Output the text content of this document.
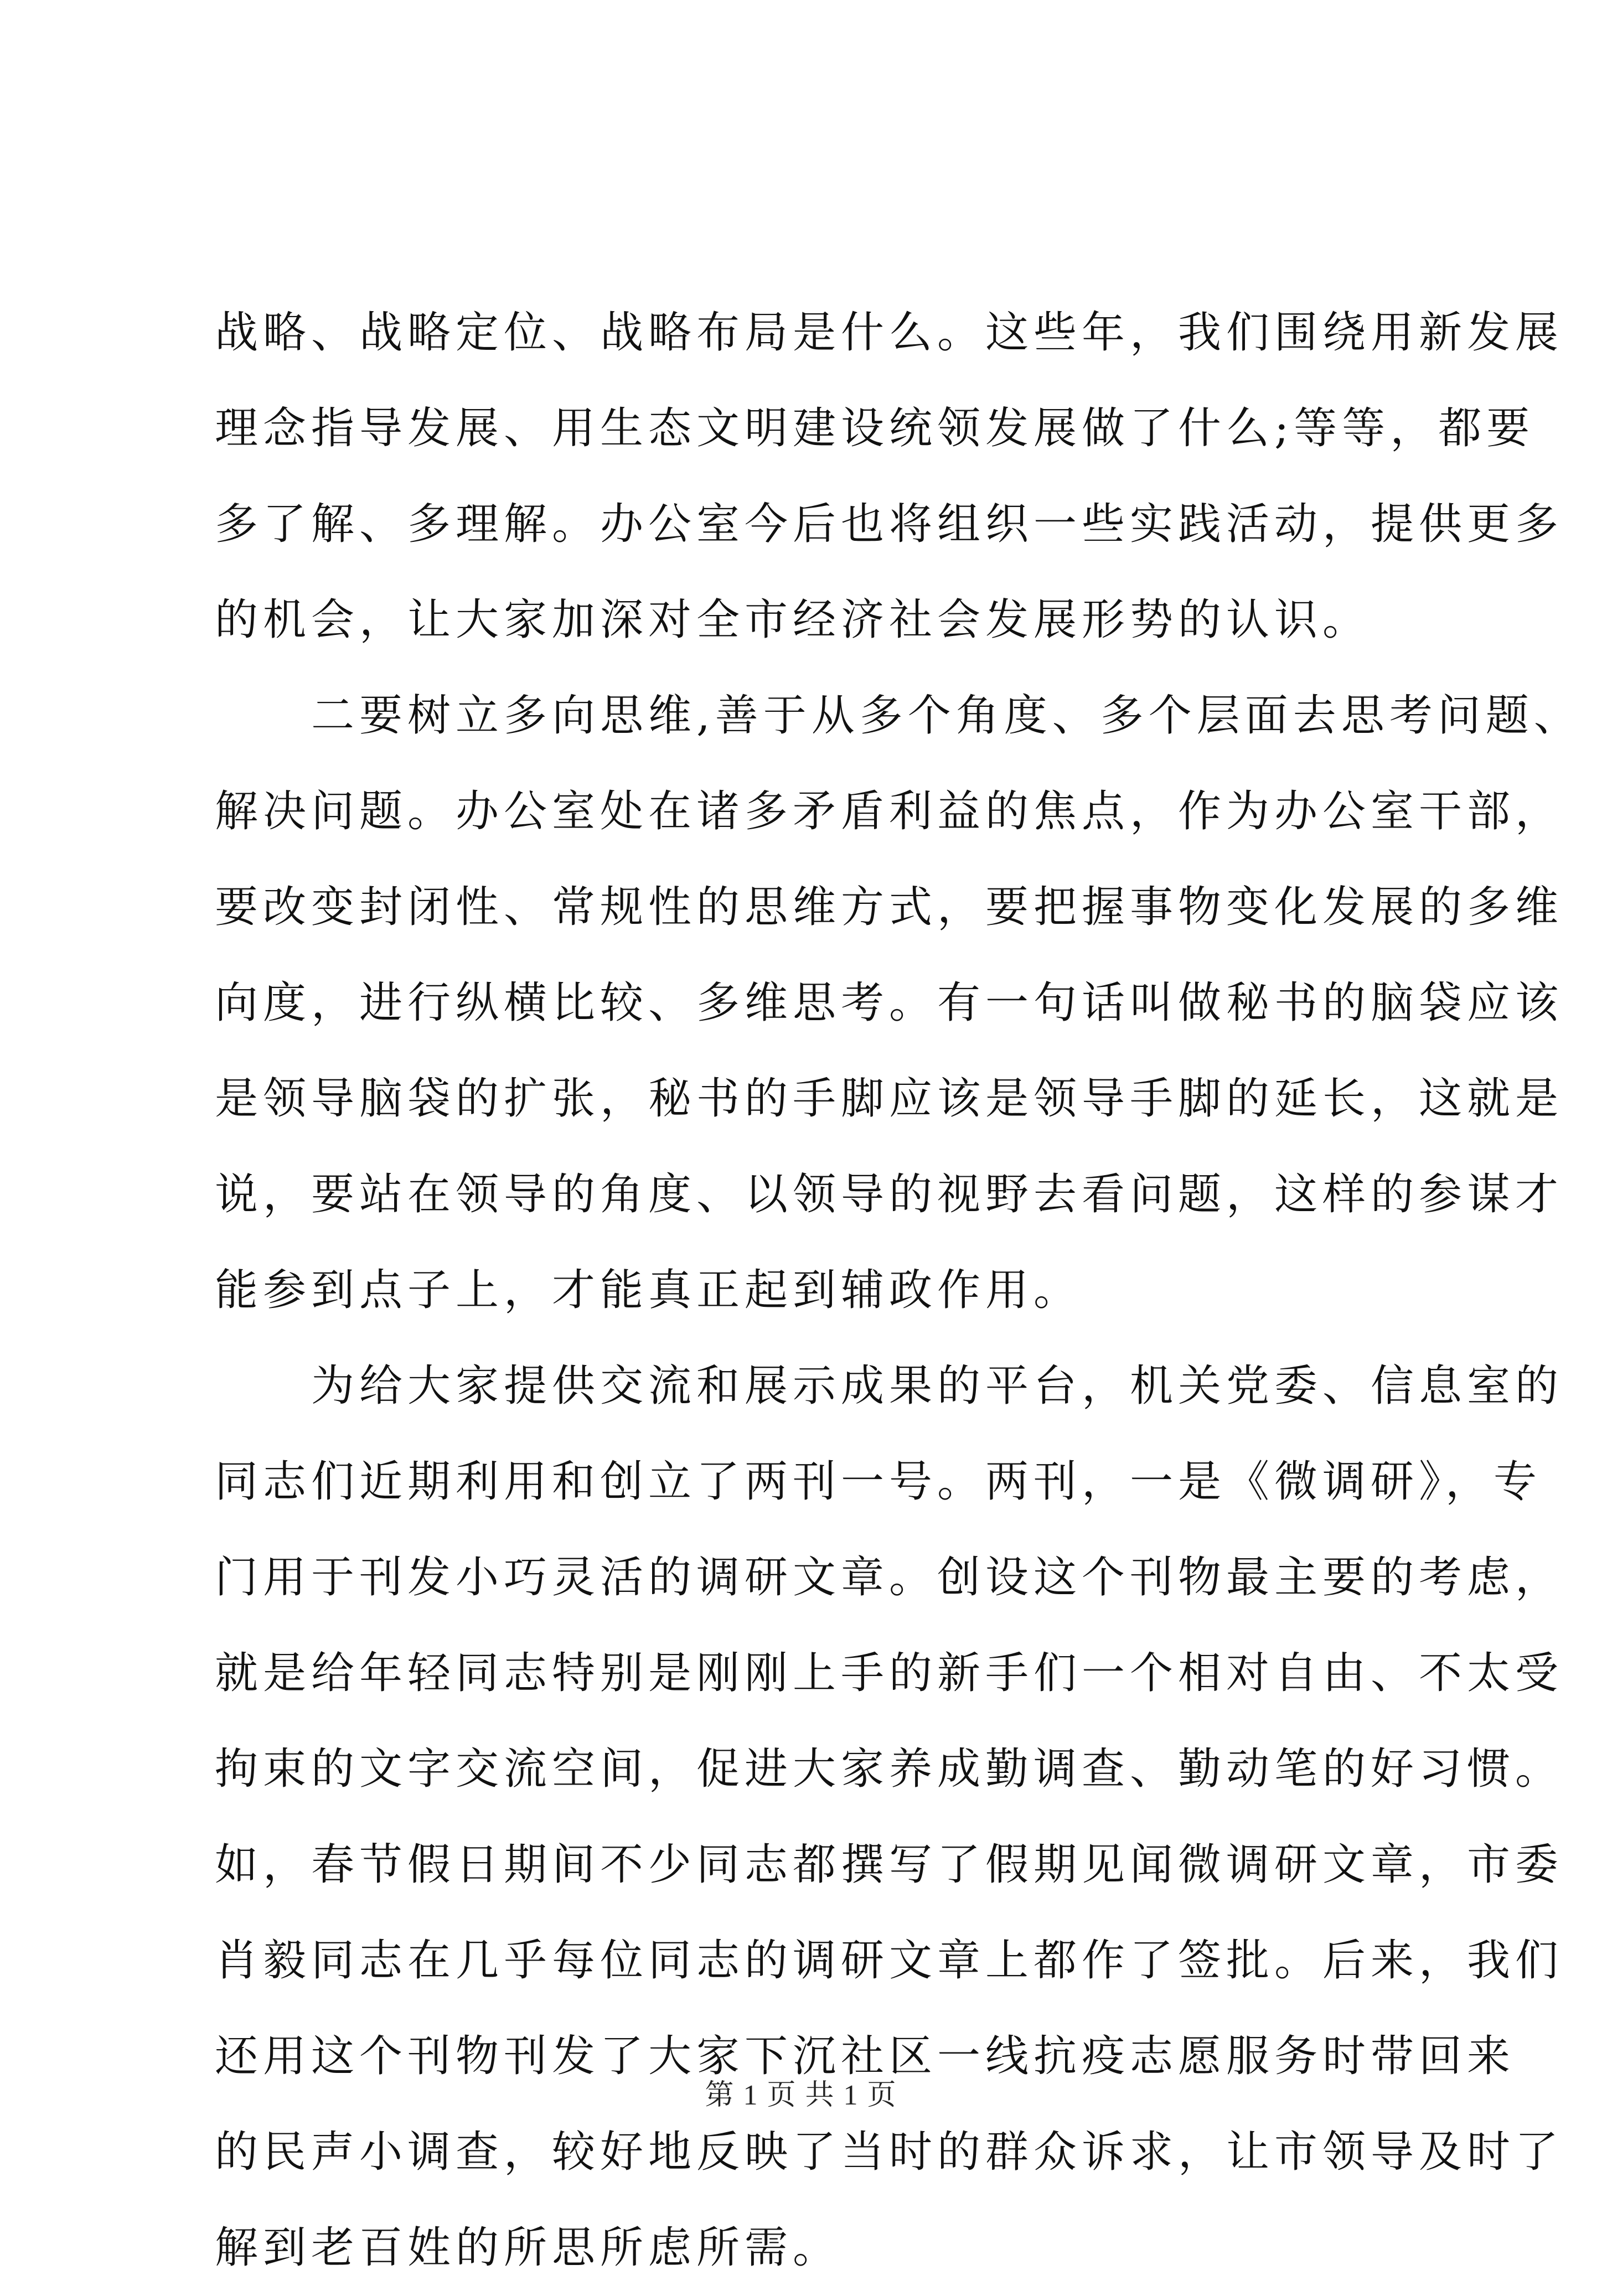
战略、战略定位、战略布局是什么。这些年，我们围绕用新发展
理念指导发展、用生态文明建设统领发展做了什么;等等，都要
多了解、多理解。办公室今后也将组织一些实践活动，提供更多
的机会，让大家加深对全市经济社会发展形势的认识。
　　二要树立多向思维,善于从多个角度、多个层面去思考问题、
解决问题。办公室处在诸多矛盾利益的焦点，作为办公室干部，
要改变封闭性、常规性的思维方式，要把握事物变化发展的多维
向度，进行纵横比较、多维思考。有一句话叫做秘书的脑袋应该
是领导脑袋的扩张，秘书的手脚应该是领导手脚的延长，这就是
说，要站在领导的角度、以领导的视野去看问题，这样的参谋才
能参到点子上，才能真正起到辅政作用。
　　为给大家提供交流和展示成果的平台，机关党委、信息室的
同志们近期利用和创立了两刊一号。两刊，一是《微调研》，专
门用于刊发小巧灵活的调研文章。创设这个刊物最主要的考虑，
就是给年轻同志特别是刚刚上手的新手们一个相对自由、不太受
拘束的文字交流空间，促进大家养成勤调查、勤动笔的好习惯。
如，春节假日期间不少同志都撰写了假期见闻微调研文章，市委
肖毅同志在几乎每位同志的调研文章上都作了签批。后来，我们
还用这个刊物刊发了大家下沉社区一线抗疫志愿服务时带回来
的民声小调查，较好地反映了当时的群众诉求，让市领导及时了
解到老百姓的所思所虑所需。
第 1 页 共 1 页
